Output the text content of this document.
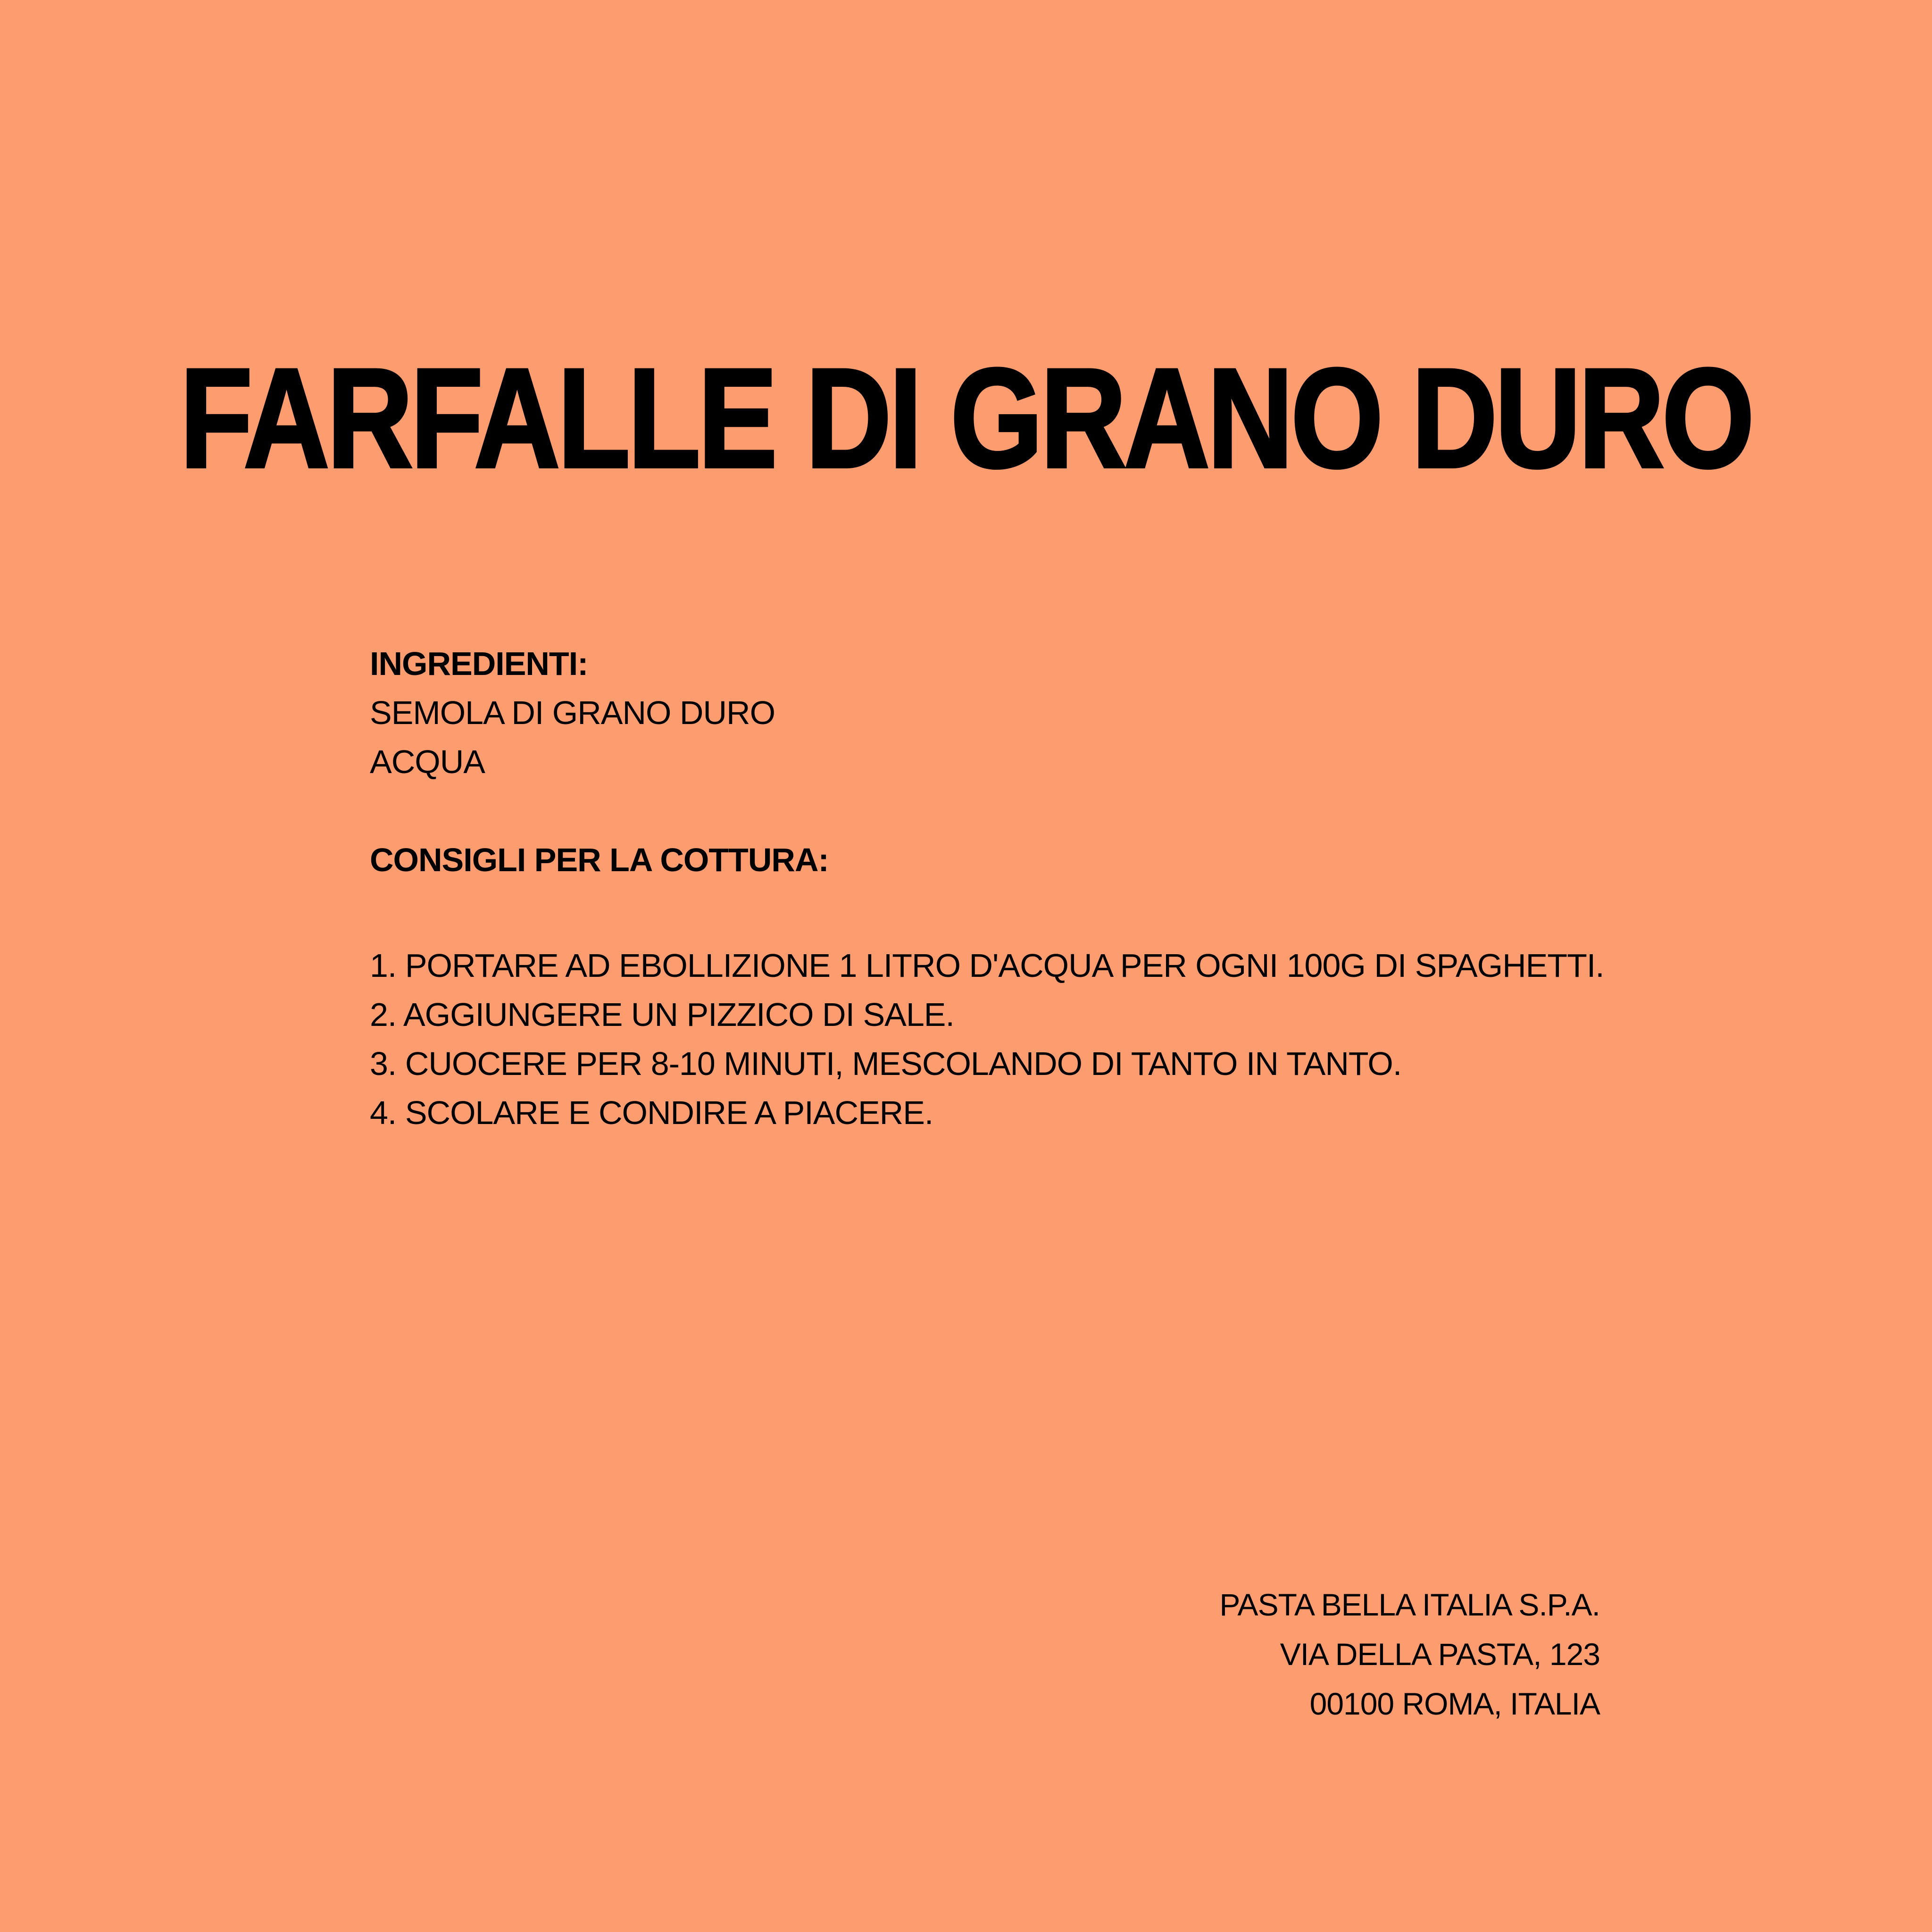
FARFALLE DI GRANO DURO
INGREDIENTI:
SEMOLA DI GRANO DURO
ACQUA
CONSIGLI PER LA COTTURA:
1. PORTARE AD EBOLLIZIONE 1 LITRO D'ACQUA PER OGNI 100G DI SPAGHETTI.
2. AGGIUNGERE UN PIZZICO DI SALE.
3. CUOCERE PER 8-10 MINUTI, MESCOLANDO DI TANTO IN TANTO.
4. SCOLARE E CONDIRE A PIACERE.
PASTA BELLA ITALIA S.P.A.
VIA DELLA PASTA, 123
00100 ROMA, ITALIA
